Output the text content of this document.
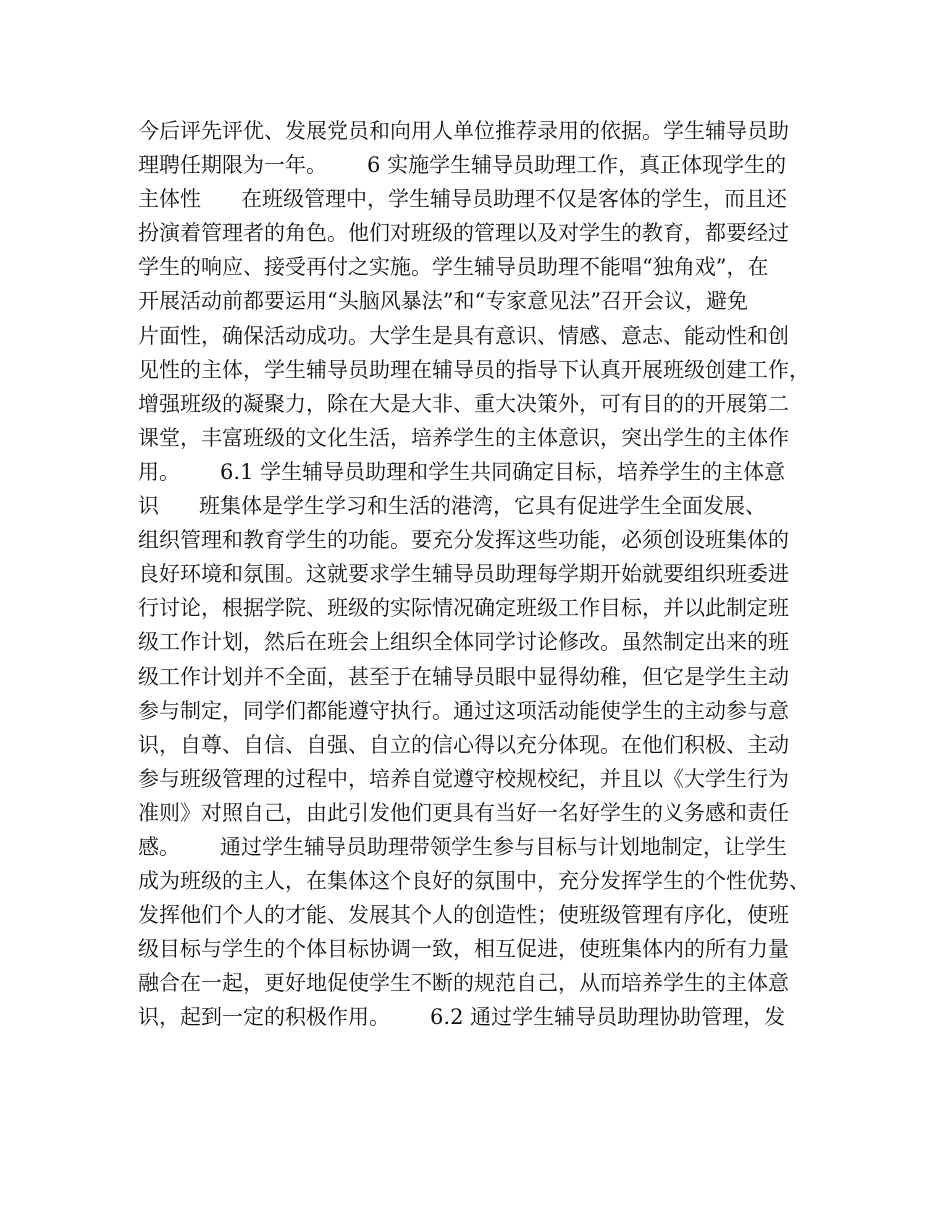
今后评先评优、发展党员和向用人单位推荐录用的依据。学生辅导员助
理聘任期限为一年。      6 实施学生辅导员助理工作，真正体现学生的
主体性      在班级管理中，学生辅导员助理不仅是客体的学生，而且还
扮演着管理者的角色。他们对班级的管理以及对学生的教育，都要经过
学生的响应、接受再付之实施。学生辅导员助理不能唱“独角戏”，在
开展活动前都要运用“头脑风暴法”和“专家意见法”召开会议，避免
片面性，确保活动成功。大学生是具有意识、情感、意志、能动性和创
见性的主体，学生辅导员助理在辅导员的指导下认真开展班级创建工作，
增强班级的凝聚力，除在大是大非、重大决策外，可有目的的开展第二
课堂，丰富班级的文化生活，培养学生的主体意识，突出学生的主体作
用。      6.1 学生辅导员助理和学生共同确定目标，培养学生的主体意
识      班集体是学生学习和生活的港湾，它具有促进学生全面发展、
组织管理和教育学生的功能。要充分发挥这些功能，必须创设班集体的
良好环境和氛围。这就要求学生辅导员助理每学期开始就要组织班委进
行讨论，根据学院、班级的实际情况确定班级工作目标，并以此制定班
级工作计划，然后在班会上组织全体同学讨论修改。虽然制定出来的班
级工作计划并不全面，甚至于在辅导员眼中显得幼稚，但它是学生主动
参与制定，同学们都能遵守执行。通过这项活动能使学生的主动参与意
识，自尊、自信、自强、自立的信心得以充分体现。在他们积极、主动
参与班级管理的过程中，培养自觉遵守校规校纪，并且以《大学生行为
准则》对照自己，由此引发他们更具有当好一名好学生的义务感和责任
感。      通过学生辅导员助理带领学生参与目标与计划地制定，让学生
成为班级的主人，在集体这个良好的氛围中，充分发挥学生的个性优势、
发挥他们个人的才能、发展其个人的创造性；使班级管理有序化，使班
级目标与学生的个体目标协调一致，相互促进，使班集体内的所有力量
融合在一起，更好地促使学生不断的规范自己，从而培养学生的主体意
识，起到一定的积极作用。      6.2 通过学生辅导员助理协助管理，发
